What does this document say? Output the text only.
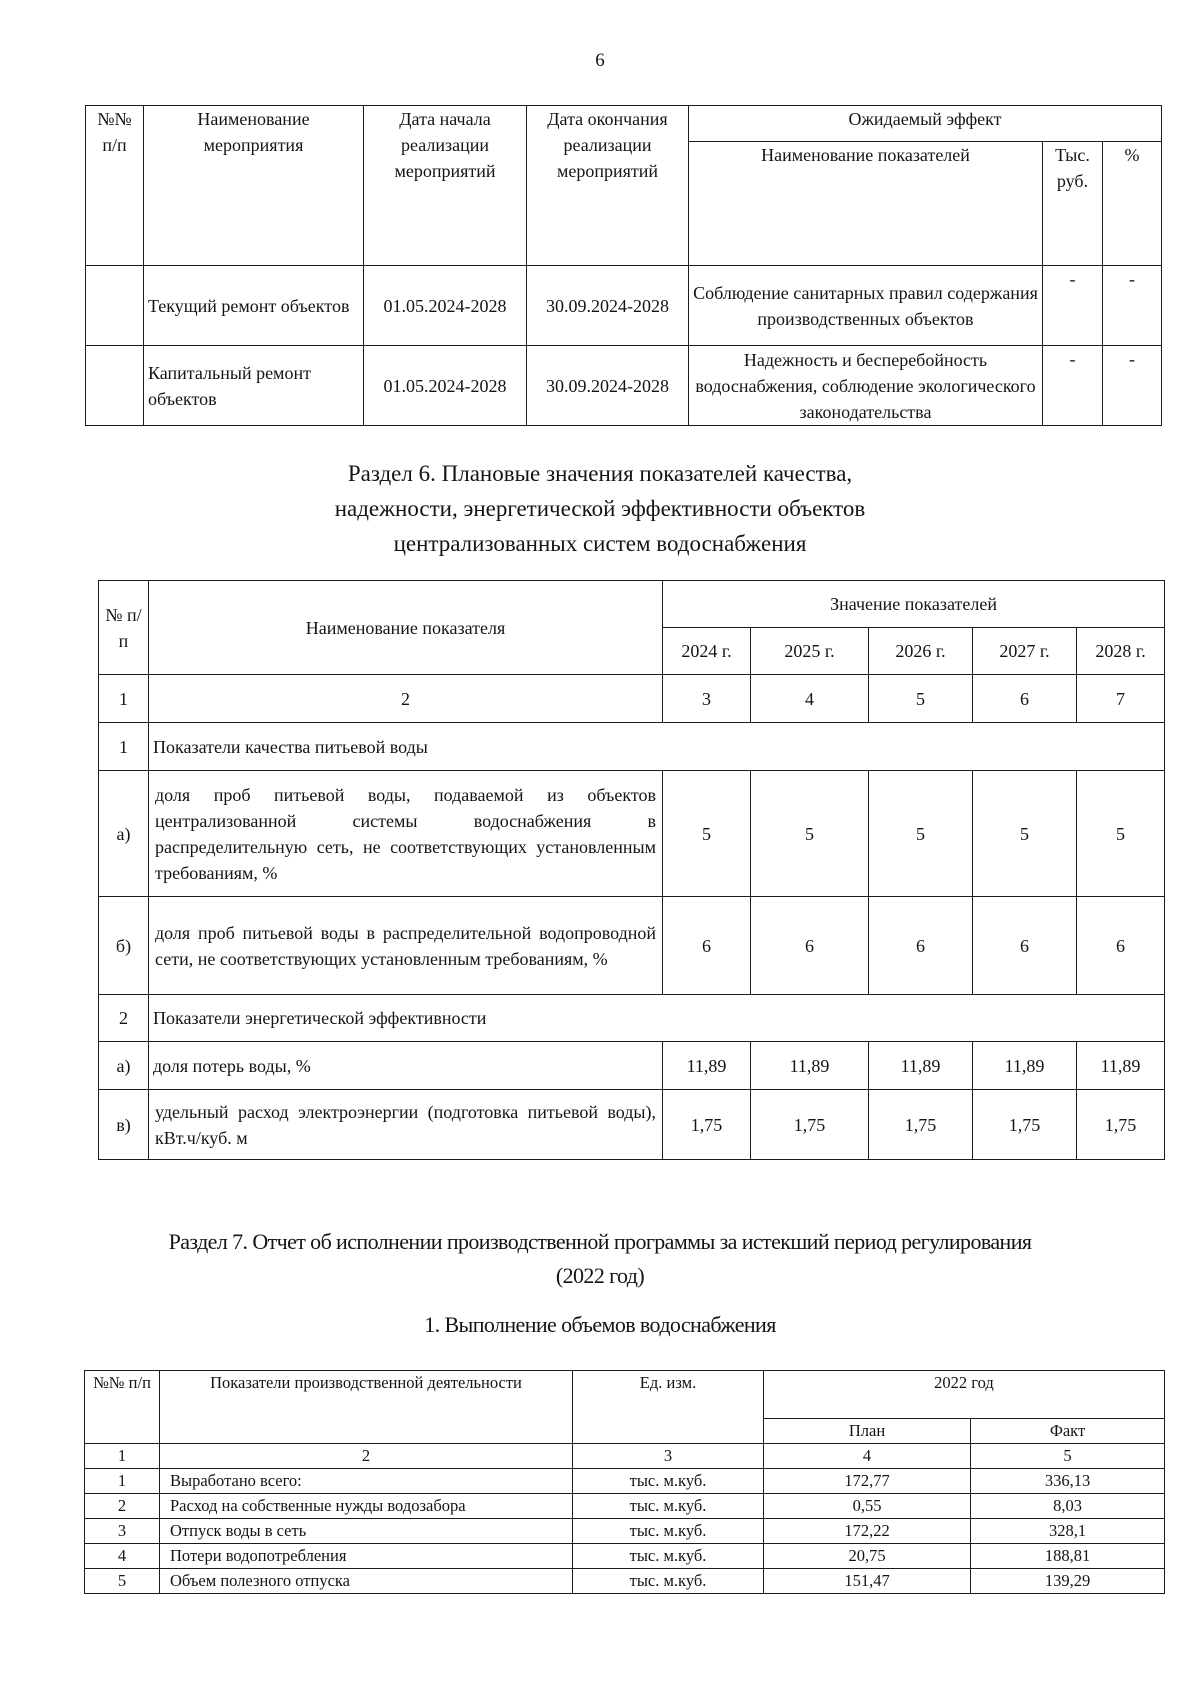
6
№№ п/п	Наименование мероприятия	Дата начала реализации мероприятий	Дата окончания реализации мероприятий	Ожидаемый эффект		
				Наименование показателей	Тыс. руб.	%
	Текущий ремонт объектов	01.05.2024-2028	30.09.2024-2028	Соблюдение санитарных правил содержания производственных объектов	-	-
	Капитальный ремонт объектов	01.05.2024-2028	30.09.2024-2028	Надежность и бесперебойность водоснабжения, соблюдение экологического законодательства	-	-
Раздел 6. Плановые значения показателей качества,
надежности, энергетической эффективности объектов
централизованных систем водоснабжения
№ п/п	Наименование показателя	Значение показателей				
		2024 г.	2025 г.	2026 г.	2027 г.	2028 г.
1	2	3	4	5	6	7
1	Показатели качества питьевой воды					
а)	доля проб питьевой воды, подаваемой из объектов централизованной системы водоснабжения в распределительную сеть, не соответствующих установленным требованиям, %	5	5	5	5	5
б)	доля проб питьевой воды в распределительной водопроводной сети, не соответствующих установленным требованиям, %	6	6	6	6	6
2	Показатели энергетической эффективности					
а)	доля потерь воды, %	11,89	11,89	11,89	11,89	11,89
в)	удельный расход электроэнергии (подготовка питьевой воды), кВт.ч/куб. м	1,75	1,75	1,75	1,75	1,75
Раздел 7. Отчет об исполнении производственной программы за истекший период регулирования
(2022 год)
1. Выполнение объемов водоснабжения
№№ п/п	Показатели производственной деятельности	Ед. изм.	2022 год	
			План	Факт
1	2	3	4	5
1	Выработано всего:	тыс. м.куб.	172,77	336,13
2	Расход на собственные нужды водозабора	тыс. м.куб.	0,55	8,03
3	Отпуск воды в сеть	тыс. м.куб.	172,22	328,1
4	Потери водопотребления	тыс. м.куб.	20,75	188,81
5	Объем полезного отпуска	тыс. м.куб.	151,47	139,29
